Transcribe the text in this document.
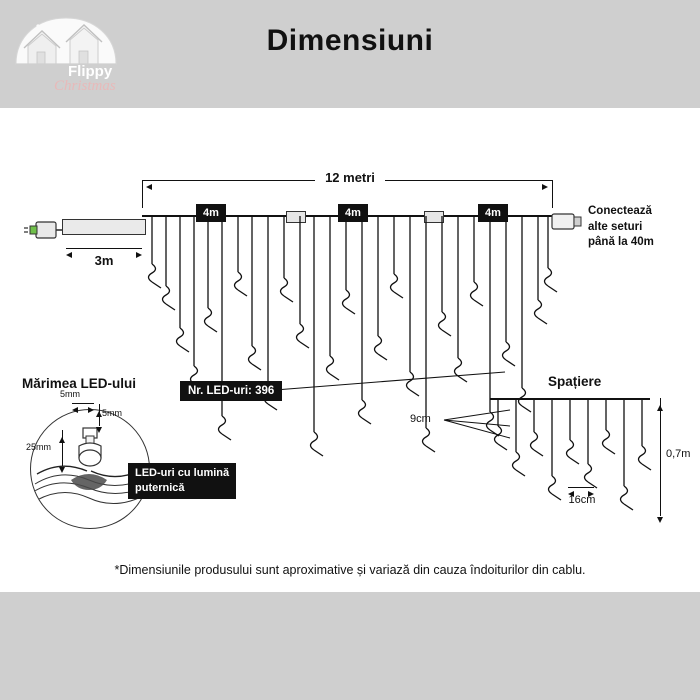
Flippy
Christmas
Dimensiuni
12 metri
3m
Conectează
alte seturi
până la 40m
4m	4m	4m
Nr. LED-uri: 396
Mărimea LED-ului
5mm
5mm
25mm
LED-uri cu lumină
puternică
Spațiere
9cm
16cm
0,7m
*Dimensiunile produsului sunt aproximative și variază din cauza îndoiturilor din cablu.
